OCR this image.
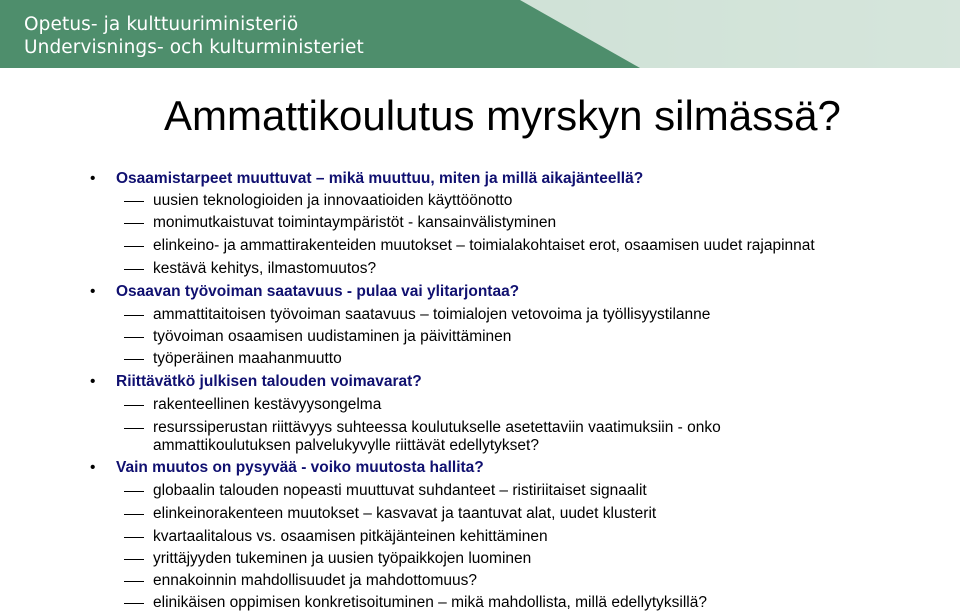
Opetus- ja kulttuuriministeriö
Undervisnings- och kulturministeriet
Ammattikoulutus myrskyn silmässä?
• Osaamistarpeet muuttuvat – mikä muuttuu, miten ja millä aikajänteellä?
uusien teknologioiden ja innovaatioiden käyttöönotto
monimutkaistuvat toimintaympäristöt - kansainvälistyminen
elinkeino- ja ammattirakenteiden muutokset – toimialakohtaiset erot, osaamisen uudet rajapinnat
kestävä kehitys, ilmastomuutos?
• Osaavan työvoiman saatavuus - pulaa vai ylitarjontaa?
ammattitaitoisen työvoiman saatavuus – toimialojen vetovoima ja työllisyystilanne
työvoiman osaamisen uudistaminen ja päivittäminen
työperäinen maahanmuutto
• Riittävätkö julkisen talouden voimavarat?
rakenteellinen kestävyysongelma
resurssiperustan riittävyys suhteessa koulutukselle asetettaviin vaatimuksiin - onko
ammattikoulutuksen palvelukyvylle riittävät edellytykset?
• Vain muutos on pysyvää - voiko muutosta hallita?
globaalin talouden nopeasti muuttuvat suhdanteet – ristiriitaiset signaalit
elinkeinorakenteen muutokset – kasvavat ja taantuvat alat, uudet klusterit
kvartaalitalous vs. osaamisen pitkäjänteinen kehittäminen
yrittäjyyden tukeminen ja uusien työpaikkojen luominen
ennakoinnin mahdollisuudet ja mahdottomuus?
elinikäisen oppimisen konkretisoituminen – mikä mahdollista, millä edellytyksillä?
